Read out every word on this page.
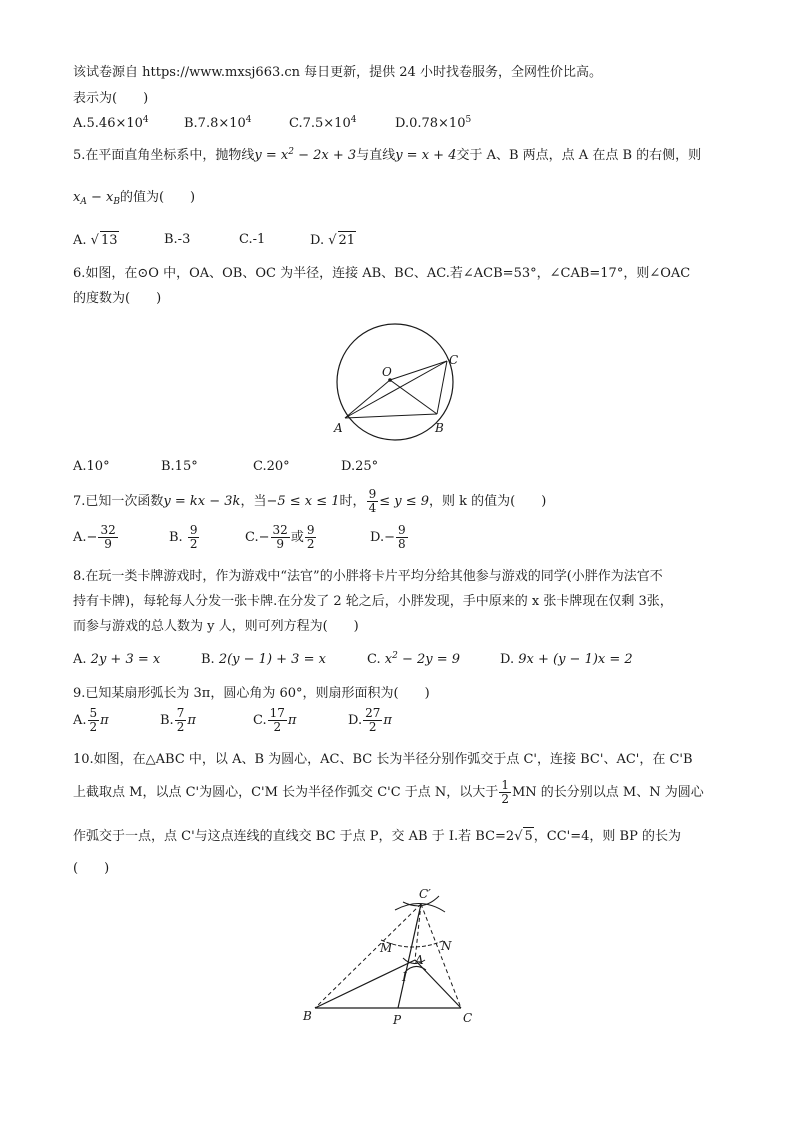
该试卷源自 https://www.mxsj663.cn 每日更新，提供 24 小时找卷服务，全网性价比高。
表示为(　　)
$A.5.46\times 10^4$	$B.7.8\times 10^4$	$C.7.5\times 10^4$	$D.0.78\times 10^5$
5.在平面直角坐标系中，抛物线$y = x^2 - 2x + 3$与直线y = x + 4交于 A、B 两点，点 A 在点 B 的右侧，则
$x_A - x_B$的值为(　　)
A. √ 13	B.-3	C.-1	D. √ 21
6.如图，在⊙O 中，OA、OB、OC 为半径，连接 AB、BC、AC.若∠ACB=53°，∠CAB=17°，则∠OAC
的度数为(　　)
O
A	B
C
A.10°	B.15°	C.20°	D.25°
7.已知一次函数y = kx − 3k，当−5 ≤ x ≤ 1时， $\frac{9}{4} \le y \le 9$，则 k 的值为(　　)
$A.- \frac{32}{9}$	B. $\frac{9}{2}$	$C.- \frac{32}{9}$ 或 $\frac{9}{2}$	$D.- \frac{9}{8}$
8.在玩一类卡牌游戏时，作为游戏中“法官”的小胖将卡片平均分给其他参与游戏的同学(小胖作为法官不
持有卡牌)，每轮每人分发一张卡牌.在分发了 2 轮之后，小胖发现，手中原来的 x 张卡牌现在仅剩 3张，
而参与游戏的总人数为 y 人，则可列方程为(　　)
A. 2y + 3 = x	B. 2(y − 1) + 3 = x	C. $x^2 - 2y = 9$	D. 9x + (y − 1)x = 2
9.已知某扇形弧长为 3π，圆心角为 60°，则扇形面积为(　　)
A. $\frac{5}{2}$ π	B. $\frac{7}{2}$ π	C. $\frac{17}{2}$ π	D. $\frac{27}{2}$ π
10.如图，在△ABC 中，以 A、B 为圆心，AC、BC 长为半径分别作弧交于点 C'，连接 BC'、AC'，在 C'B
上截取点 M，以点 C'为圆心，C'M 长为半径作弧交 C'C 于点 N，以大于 $\frac{1}{2}$ MN 的长分别以点 M、N 为圆心
作弧交于一点，点 C'与这点连线的直线交 BC 于点 P，交 AB 于 I.若 BC=2√ 5，CC'=4，则 BP 的长为
(　　)
C′
M	N
A
I
B	P	C
